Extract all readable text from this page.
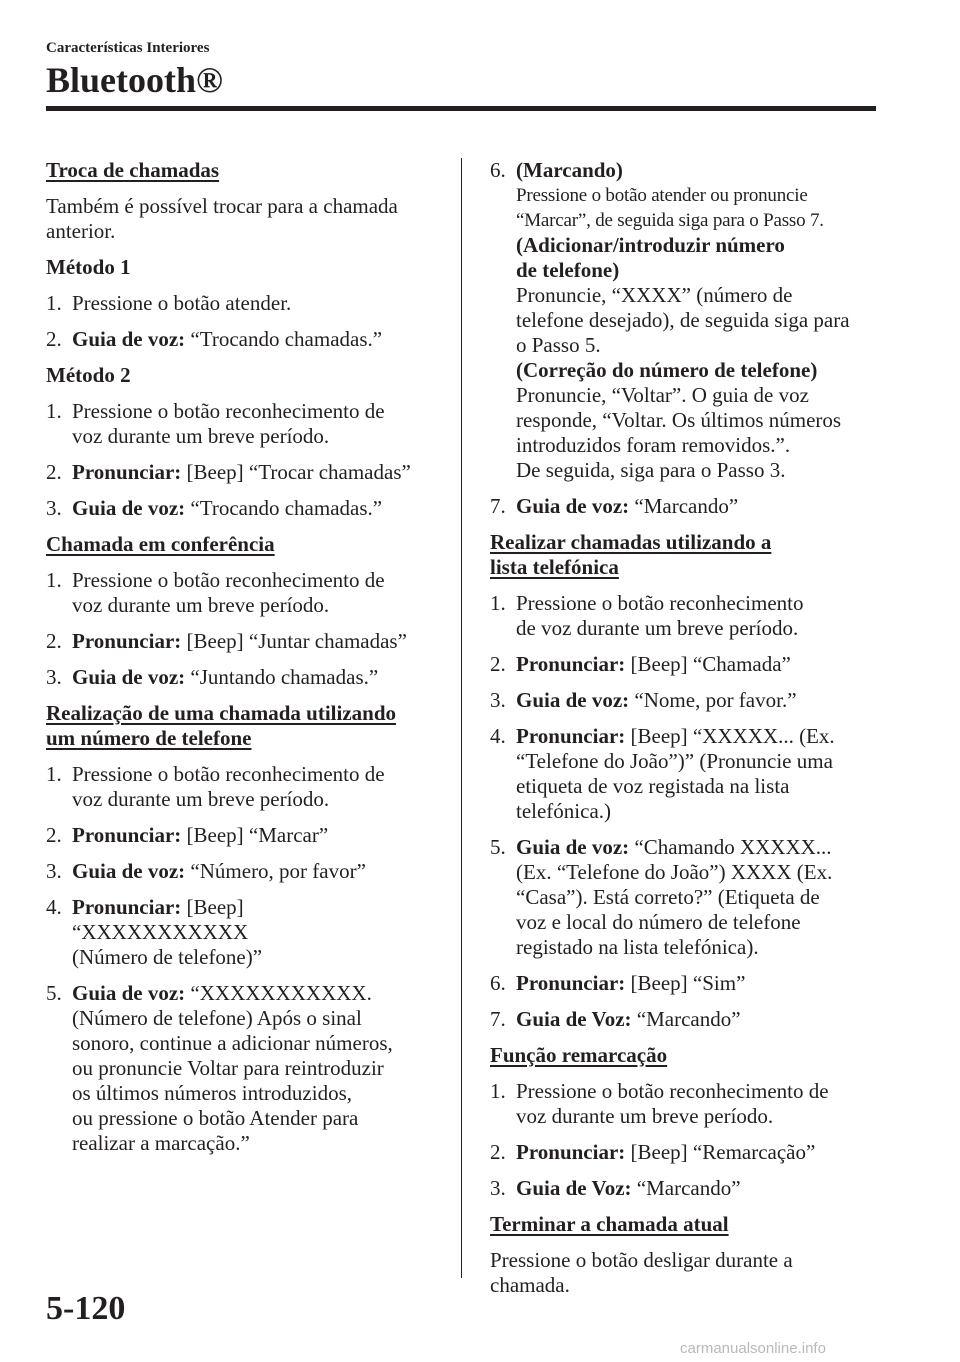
Características Interiores
Bluetooth®
Troca de chamadas
Também é possível trocar para a chamada anterior.
Método 1
1. Pressione o botão atender.
2. Guia de voz: “Trocando chamadas.”
Método 2
1. Pressione o botão reconhecimento de
voz durante um breve período.
2. Pronunciar: [Beep] “Trocar chamadas”
3. Guia de voz: “Trocando chamadas.”
Chamada em conferência
1. Pressione o botão reconhecimento de
voz durante um breve período.
2. Pronunciar: [Beep] “Juntar chamadas”
3. Guia de voz: “Juntando chamadas.”
Realização de uma chamada utilizando
um número de telefone
1. Pressione o botão reconhecimento de
voz durante um breve período.
2. Pronunciar: [Beep] “Marcar”
3. Guia de voz: “Número, por favor”
4. Pronunciar: [Beep]
“XXXXXXXXXXX
(Número de telefone)”
5. Guia de voz: “XXXXXXXXXXX.
(Número de telefone) Após o sinal
sonoro, continue a adicionar números,
ou pronuncie Voltar para reintroduzir
os últimos números introduzidos,
ou pressione o botão Atender para
realizar a marcação.”
6. (Marcando)
Pressione o botão atender ou pronuncie
“Marcar”, de seguida siga para o Passo 7.
(Adicionar/introduzir número
de telefone)
Pronuncie, “XXXX” (número de
telefone desejado), de seguida siga para
o Passo 5.
(Correção do número de telefone)
Pronuncie, “Voltar”. O guia de voz
responde, “Voltar. Os últimos números
introduzidos foram removidos.”.
De seguida, siga para o Passo 3.
7. Guia de voz: “Marcando”
Realizar chamadas utilizando a
lista telefónica
1. Pressione o botão reconhecimento
de voz durante um breve período.
2. Pronunciar: [Beep] “Chamada”
3. Guia de voz: “Nome, por favor.”
4. Pronunciar: [Beep] “XXXXX... (Ex.
“Telefone do João”)” (Pronuncie uma
etiqueta de voz registada na lista
telefónica.)
5. Guia de voz: “Chamando XXXXX...
(Ex. “Telefone do João”) XXXX (Ex.
“Casa”). Está correto?” (Etiqueta de
voz e local do número de telefone
registado na lista telefónica).
6. Pronunciar: [Beep] “Sim”
7. Guia de Voz: “Marcando”
Função remarcação
1. Pressione o botão reconhecimento de
voz durante um breve período.
2. Pronunciar: [Beep] “Remarcação”
3. Guia de Voz: “Marcando”
Terminar a chamada atual
Pressione o botão desligar durante a
chamada.
5-120
carmanualsonline.info
